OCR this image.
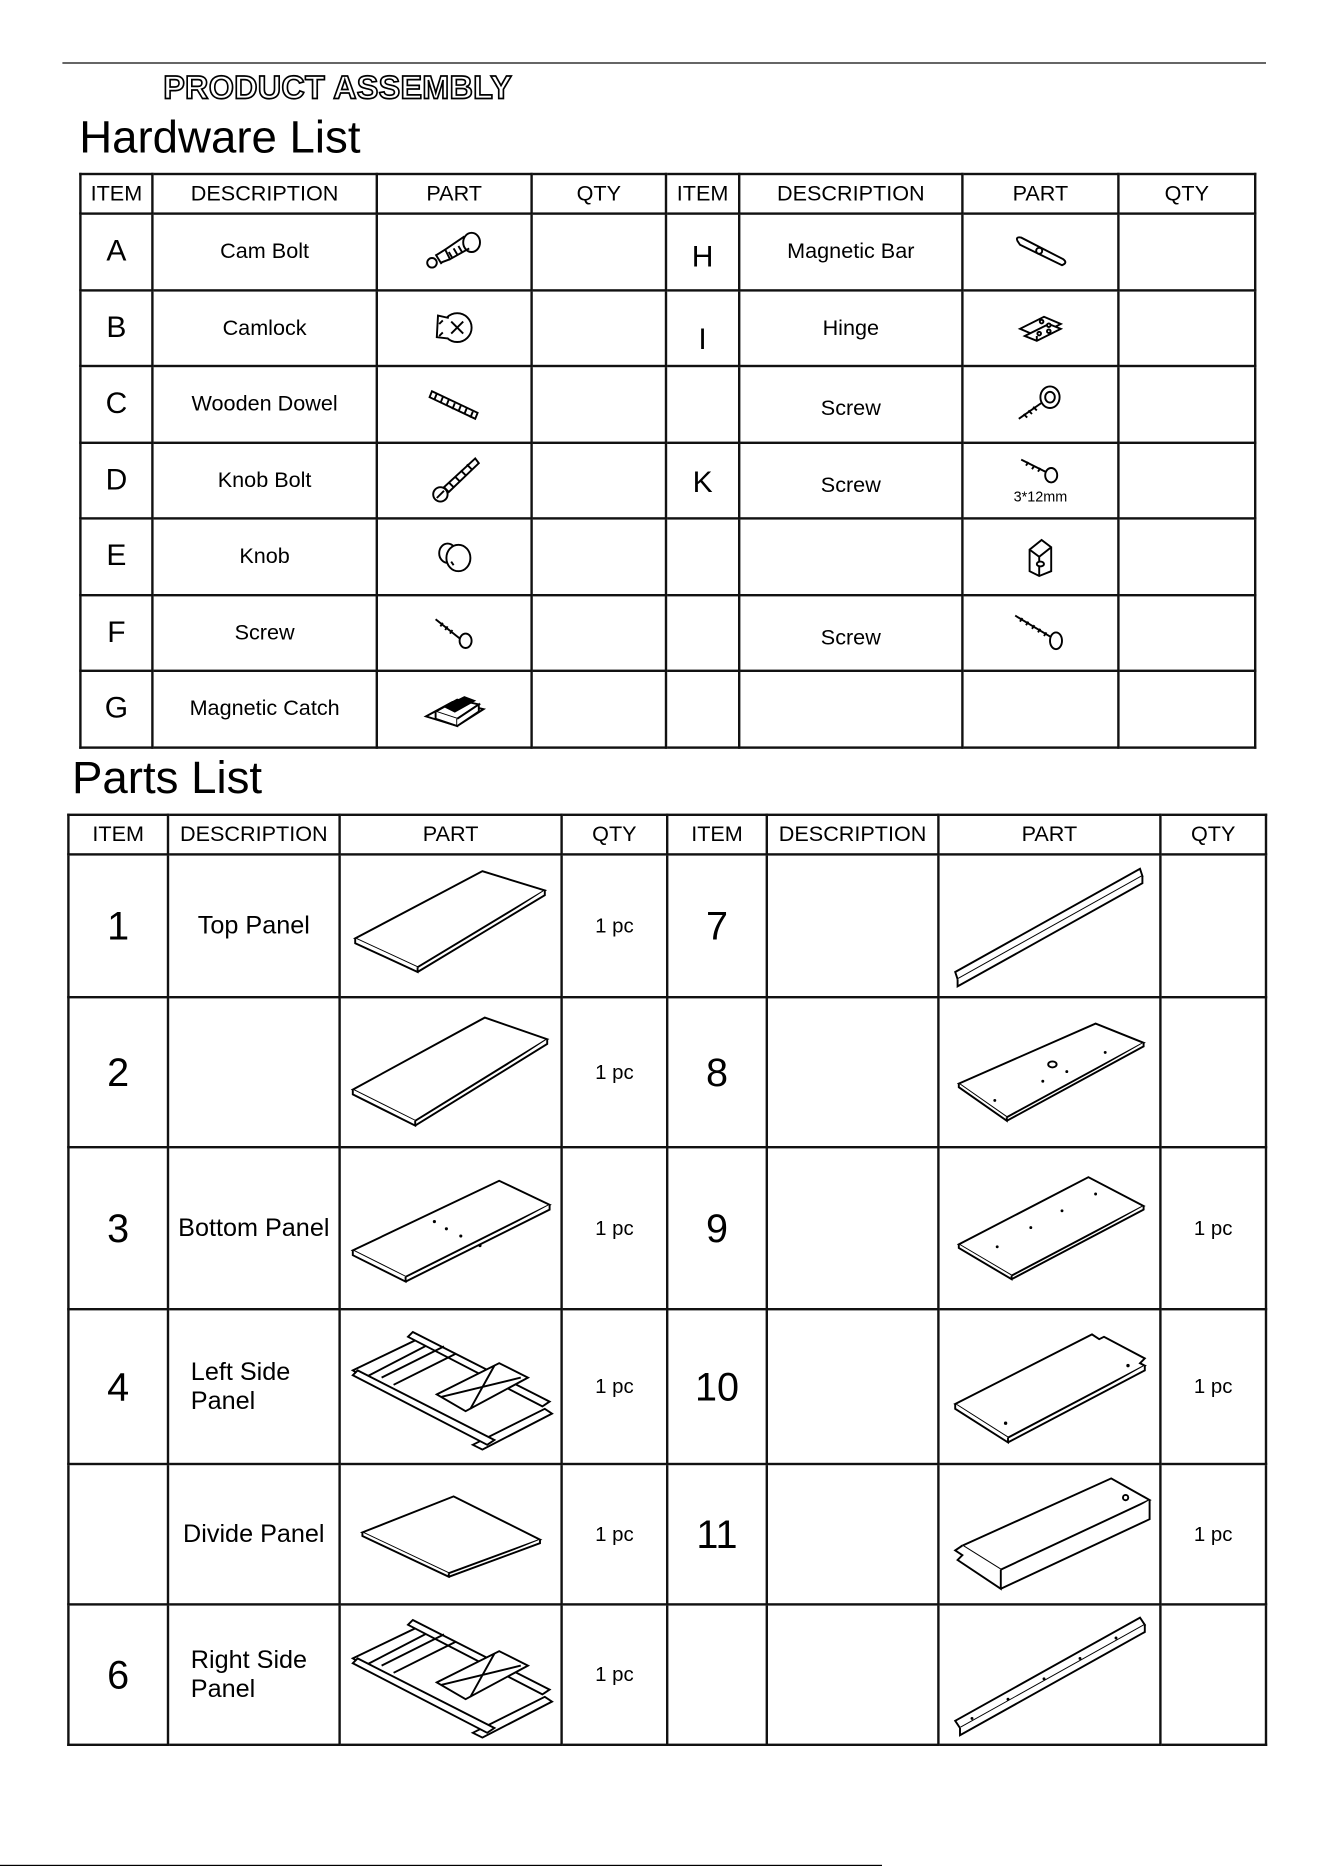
PRODUCT ASSEMBLY
Hardware List
ITEM	DESCRIPTION	PART	QTY	ITEM	DESCRIPTION	PART	QTY
A	Cam Bolt			H	Magnetic Bar	

B	Camlock			I	Hinge	

C	Wooden Dowel				Screw	

D	Knob Bolt			K	Screw	3*12mm	

E	Knob	

F	Screw				Screw	

G	Magnetic Catch	

Parts List
ITEM	DESCRIPTION	PART	QTY	ITEM	DESCRIPTION	PART	QTY
1	Top Panel		1 pc	7		

2			1 pc	8		

3	Bottom Panel		1 pc	9			1 pc
4	Left Side Panel		1 pc	10			1 pc
	Divide Panel		1 pc	11			1 pc
6	Right Side Panel		1 pc			
